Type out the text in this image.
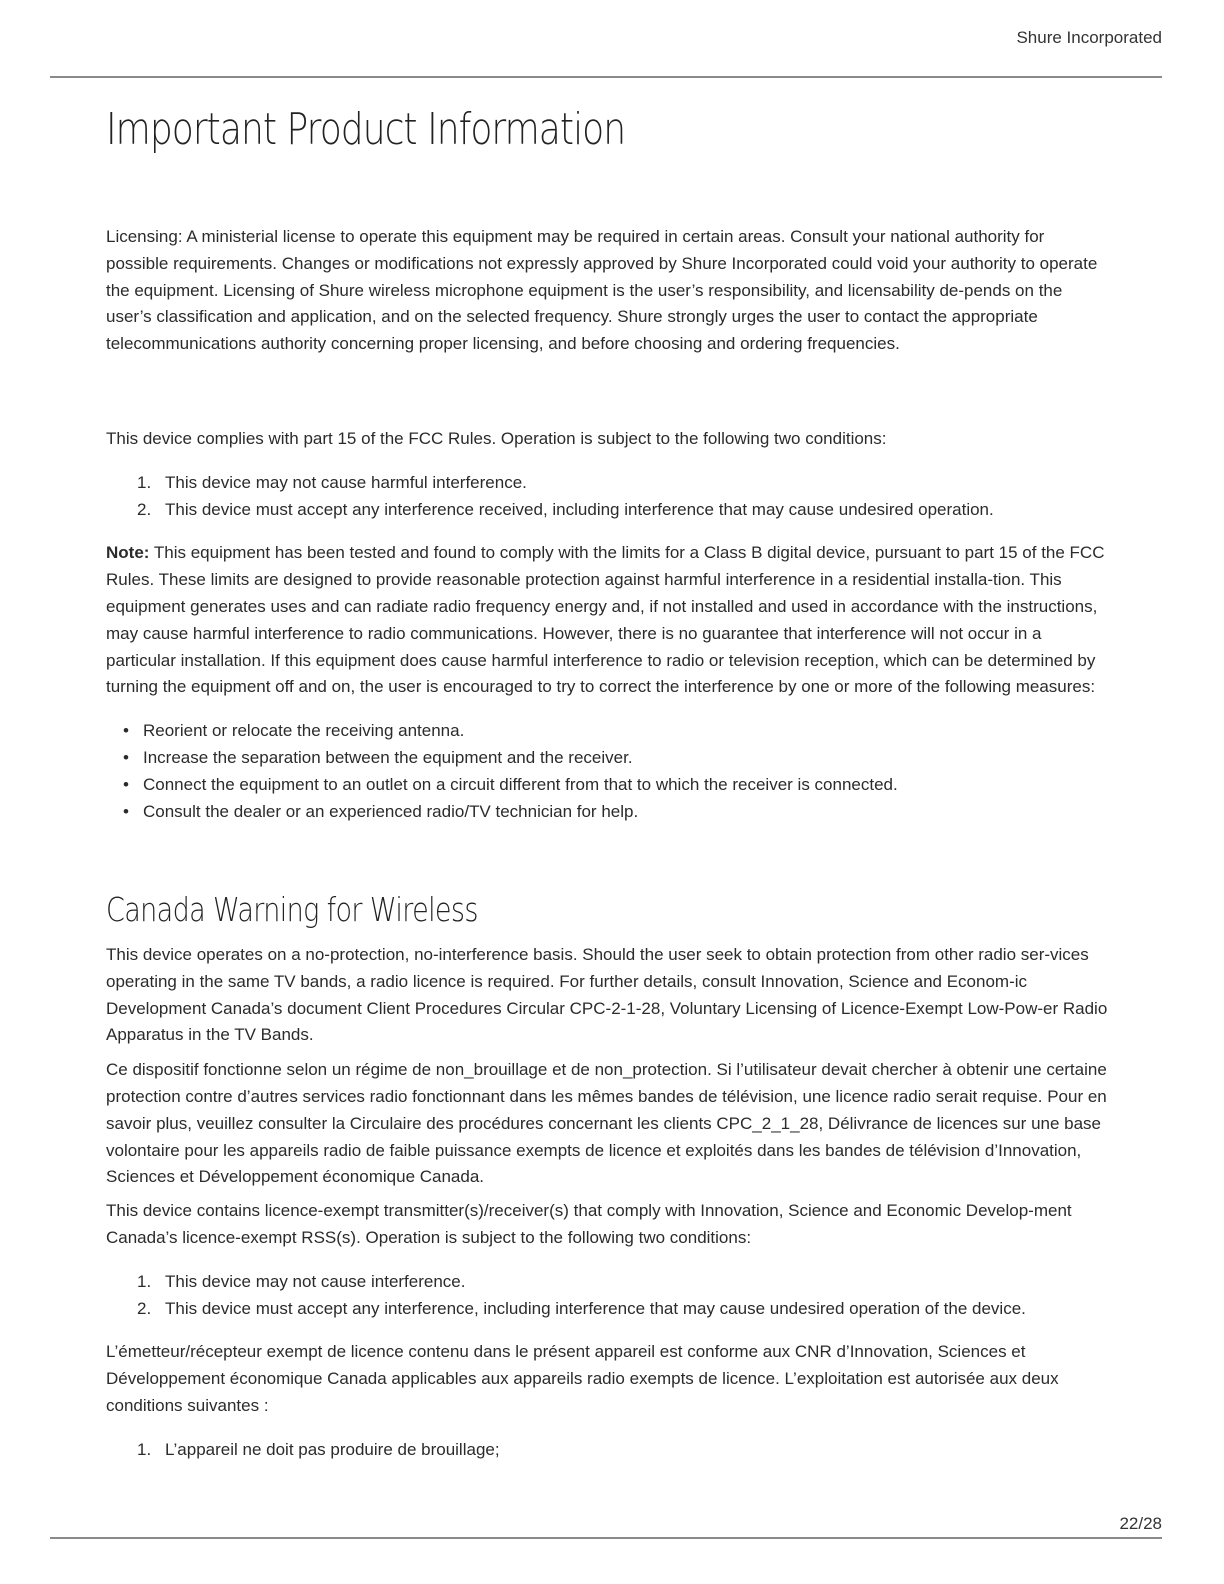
Shure Incorporated
Important Product Information

Licensing: A ministerial license to operate this equipment may be required in certain areas. Consult your national authority for possible requirements. Changes or modifications not expressly approved by Shure Incorporated could void your authority to operate the equipment. Licensing of Shure wireless microphone equipment is the user’s responsibility, and licensability de-pends on the user’s classification and application, and on the selected frequency. Shure strongly urges the user to contact the appropriate telecommunications authority concerning proper licensing, and before choosing and ordering frequencies.

This device complies with part 15 of the FCC Rules. Operation is subject to the following two conditions:

1. This device may not cause harmful interference.
2. This device must accept any interference received, including interference that may cause undesired operation.

Note: This equipment has been tested and found to comply with the limits for a Class B digital device, pursuant to part 15 of the FCC Rules. These limits are designed to provide reasonable protection against harmful interference in a residential installa-tion. This equipment generates uses and can radiate radio frequency energy and, if not installed and used in accordance with the instructions, may cause harmful interference to radio communications. However, there is no guarantee that interference will not occur in a particular installation. If this equipment does cause harmful interference to radio or television reception, which can be determined by turning the equipment off and on, the user is encouraged to try to correct the interference by one or more of the following measures:

• Reorient or relocate the receiving antenna.
• Increase the separation between the equipment and the receiver.
• Connect the equipment to an outlet on a circuit different from that to which the receiver is connected.
• Consult the dealer or an experienced radio/TV technician for help.
Canada Warning for Wireless

This device operates on a no-protection, no-interference basis. Should the user seek to obtain protection from other radio ser-vices operating in the same TV bands, a radio licence is required. For further details, consult Innovation, Science and Econom-ic Development Canada’s document Client Procedures Circular CPC-2-1-28, Voluntary Licensing of Licence-Exempt Low-Pow-er Radio Apparatus in the TV Bands.

Ce dispositif fonctionne selon un régime de non_brouillage et de non_protection. Si l’utilisateur devait chercher à obtenir une certaine protection contre d’autres services radio fonctionnant dans les mêmes bandes de télévision, une licence radio serait requise. Pour en savoir plus, veuillez consulter la Circulaire des procédures concernant les clients CPC_2_1_28, Délivrance de licences sur une base volontaire pour les appareils radio de faible puissance exempts de licence et exploités dans les bandes de télévision d’Innovation, Sciences et Développement économique Canada.

This device contains licence-exempt transmitter(s)/receiver(s) that comply with Innovation, Science and Economic Develop-ment Canada’s licence-exempt RSS(s). Operation is subject to the following two conditions:

1. This device may not cause interference.
2. This device must accept any interference, including interference that may cause undesired operation of the device.

L’émetteur/récepteur exempt de licence contenu dans le présent appareil est conforme aux CNR d’Innovation, Sciences et Développement économique Canada applicables aux appareils radio exempts de licence. L’exploitation est autorisée aux deux conditions suivantes :

1. L’appareil ne doit pas produire de brouillage;
22/28
